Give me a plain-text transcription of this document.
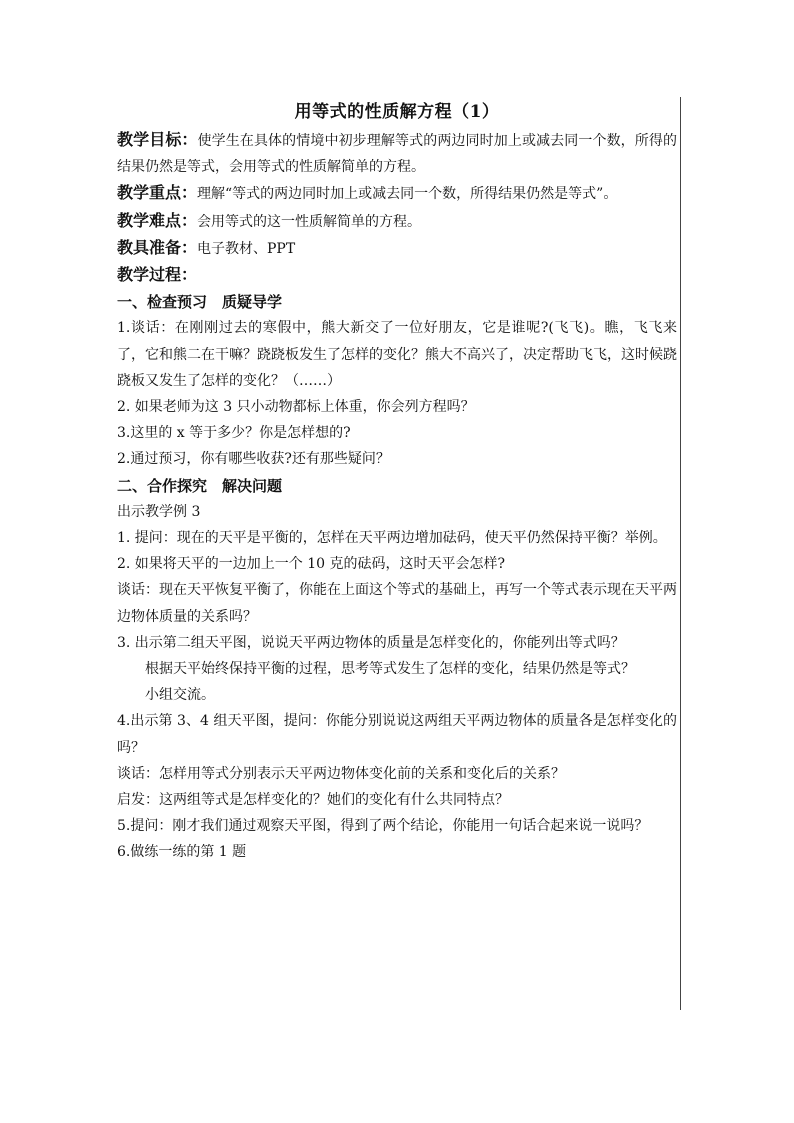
用等式的性质解方程（1）

教学目标：使学生在具体的情境中初步理解等式的两边同时加上或减去同一个数，所得的结果仍然是等式，会用等式的性质解简单的方程。

教学重点：理解“等式的两边同时加上或减去同一个数，所得结果仍然是等式”。

教学难点：会用等式的这一性质解简单的方程。

教具准备：电子教材、PPT

教学过程：

一、检查预习　质疑导学

1.谈话：在刚刚过去的寒假中，熊大新交了一位好朋友，它是谁呢?(飞飞)。瞧，飞飞来了，它和熊二在干嘛？跷跷板发生了怎样的变化？熊大不高兴了，决定帮助飞飞，这时候跷跷板又发生了怎样的变化？（……）

2. 如果老师为这 3 只小动物都标上体重，你会列方程吗？

3.这里的 x 等于多少？你是怎样想的?

2.通过预习，你有哪些收获?还有那些疑问？

二、合作探究　解决问题

出示教学例 3

1. 提问：现在的天平是平衡的，怎样在天平两边增加砝码，使天平仍然保持平衡？举例。

2. 如果将天平的一边加上一个 10 克的砝码，这时天平会怎样?

谈话：现在天平恢复平衡了，你能在上面这个等式的基础上，再写一个等式表示现在天平两边物体质量的关系吗？

3. 出示第二组天平图，说说天平两边物体的质量是怎样变化的，你能列出等式吗？

根据天平始终保持平衡的过程，思考等式发生了怎样的变化，结果仍然是等式？

小组交流。

4.出示第 3、4 组天平图，提问：你能分别说说这两组天平两边物体的质量各是怎样变化的吗？

谈话：怎样用等式分别表示天平两边物体变化前的关系和变化后的关系？

启发：这两组等式是怎样变化的？她们的变化有什么共同特点？

5.提问：刚才我们通过观察天平图，得到了两个结论，你能用一句话合起来说一说吗？

6.做练一练的第 1 题
